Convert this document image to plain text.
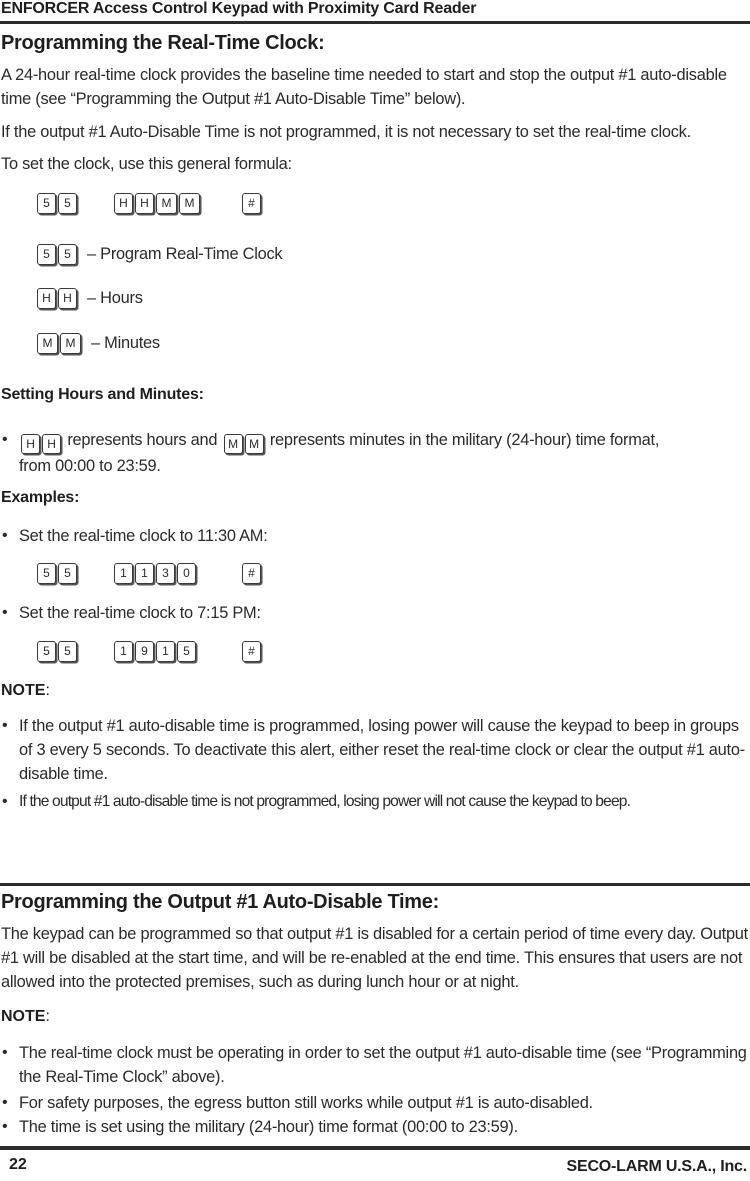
ENFORCER Access Control Keypad with Proximity Card Reader
Programming the Real-Time Clock:
A 24-hour real-time clock provides the baseline time needed to start and stop the output #1 auto-disable time (see “Programming the Output #1 Auto-Disable Time” below).
If the output #1 Auto-Disable Time is not programmed, it is not necessary to set the real-time clock.
To set the clock, use this general formula:
5	5	H	H	M	M	#
5	5 – Program Real-Time Clock
H	H – Hours
M	M – Minutes
Setting Hours and Minutes:
•	H	H represents hours and M M represents minutes in the military (24-hour) time format,
from 00:00 to 23:59.
Examples:
• Set the real-time clock to 11:30 AM:
5	5	1	1	3	0	#
• Set the real-time clock to 7:15 PM:
5	5	1	9	1	5	#
NOTE:
• If the output #1 auto-disable time is programmed, losing power will cause the keypad to beep in groups of 3 every 5 seconds. To deactivate this alert, either reset the real-time clock or clear the output #1 auto-disable time.
• If the output #1 auto-disable time is not programmed, losing power will not cause the keypad to beep.
Programming the Output #1 Auto-Disable Time:
The keypad can be programmed so that output #1 is disabled for a certain period of time every day. Output #1 will be disabled at the start time, and will be re-enabled at the end time. This ensures that users are not allowed into the protected premises, such as during lunch hour or at night.
NOTE:
• The real-time clock must be operating in order to set the output #1 auto-disable time (see “Programming the Real-Time Clock” above).
• For safety purposes, the egress button still works while output #1 is auto-disabled.
• The time is set using the military (24-hour) time format (00:00 to 23:59).
22	SECO-LARM U.S.A., Inc.
